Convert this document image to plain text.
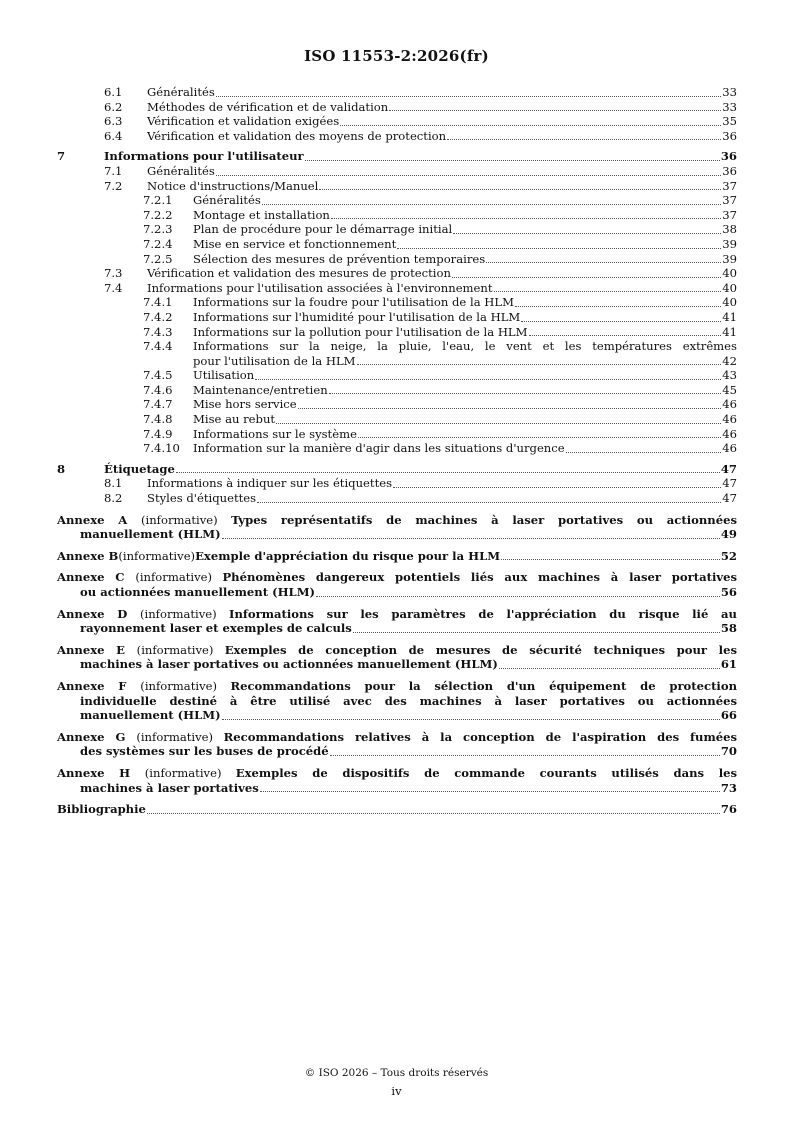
ISO 11553-2:2026(fr)
6.1 Généralités	33
6.2 Méthodes de vérification et de validation	33
6.3 Vérification et validation exigées	35
6.4 Vérification et validation des moyens de protection	36
7	Informations pour l'utilisateur	36
7.1 Généralités	36
7.2 Notice d'instructions/Manuel	37
7.2.1 Généralités	37
7.2.2 Montage et installation	37
7.2.3 Plan de procédure pour le démarrage initial	38
7.2.4 Mise en service et fonctionnement	39
7.2.5 Sélection des mesures de prévention temporaires	39
7.3 Vérification et validation des mesures de protection	40
7.4 Informations pour l'utilisation associées à l'environnement	40
7.4.1 Informations sur la foudre pour l'utilisation de la HLM	40
7.4.2 Informations sur l'humidité pour l'utilisation de la HLM	41
7.4.3 Informations sur la pollution pour l'utilisation de la HLM	41
7.4.4	Informations sur la neige, la pluie, l'eau, le vent et les températures extrêmes
pour l'utilisation de la HLM	42
7.4.5 Utilisation	43
7.4.6 Maintenance/entretien	45
7.4.7 Mise hors service	46
7.4.8 Mise au rebut	46
7.4.9 Informations sur le système	46
7.4.10 Information sur la manière d'agir dans les situations d'urgence	46
8	Étiquetage	47
8.1 Informations à indiquer sur les étiquettes	47
8.2 Styles d'étiquettes	47
Annexe A (informative) Types représentatifs de machines à laser portatives ou actionnées
manuellement (HLM)	49
Annexe B (informative) Exemple d'appréciation du risque pour la HLM	52
Annexe C (informative) Phénomènes dangereux potentiels liés aux machines à laser portatives
ou actionnées manuellement (HLM)	56
Annexe D (informative) Informations sur les paramètres de l'appréciation du risque lié au
rayonnement laser et exemples de calculs	58
Annexe E (informative) Exemples de conception de mesures de sécurité techniques pour les
machines à laser portatives ou actionnées manuellement (HLM)	61
Annexe F (informative) Recommandations pour la sélection d'un équipement de protection
individuelle destiné à être utilisé avec des machines à laser portatives ou actionnées
manuellement (HLM)	66
Annexe G (informative) Recommandations relatives à la conception de l'aspiration des fumées
des systèmes sur les buses de procédé	70
Annexe H (informative) Exemples de dispositifs de commande courants utilisés dans les
machines à laser portatives	73
Bibliographie	76
© ISO 2026 – Tous droits réservés
iv
